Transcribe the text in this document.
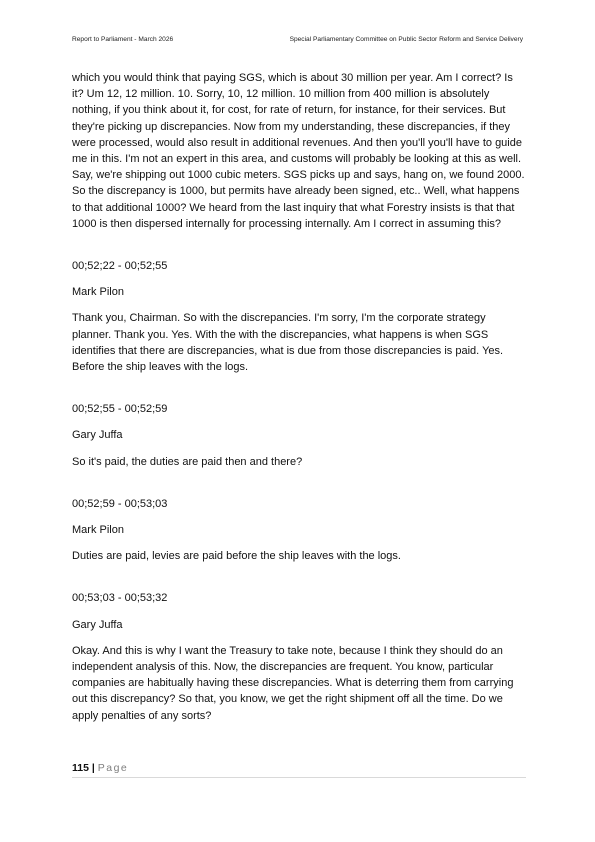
Report to Parliament - March 2026	Special Parliamentary Committee on Public Sector Reform and Service Delivery

which you would think that paying SGS, which is about 30 million per year. Am I correct? Is it? Um 12, 12 million. 10. Sorry, 10, 12 million. 10 million from 400 million is absolutely nothing, if you think about it, for cost, for rate of return, for instance, for their services. But they're picking up discrepancies. Now from my understanding, these discrepancies, if they were processed, would also result in additional revenues. And then you'll you'll have to guide me in this. I'm not an expert in this area, and customs will probably be looking at this as well. Say, we're shipping out 1000 cubic meters. SGS picks up and says, hang on, we found 2000. So the discrepancy is 1000, but permits have already been signed, etc.. Well, what happens to that additional 1000? We heard from the last inquiry that what Forestry insists is that that 1000 is then dispersed internally for processing internally. Am I correct in assuming this?

00;52;22 - 00;52;55

Mark Pilon

Thank you, Chairman. So with the discrepancies. I'm sorry, I'm the corporate strategy planner. Thank you. Yes. With the with the discrepancies, what happens is when SGS identifies that there are discrepancies, what is due from those discrepancies is paid. Yes. Before the ship leaves with the logs.

00;52;55 - 00;52;59

Gary Juffa

So it's paid, the duties are paid then and there?

00;52;59 - 00;53;03

Mark Pilon

Duties are paid, levies are paid before the ship leaves with the logs.

00;53;03 - 00;53;32

Gary Juffa

Okay. And this is why I want the Treasury to take note, because I think they should do an independent analysis of this. Now, the discrepancies are frequent. You know, particular companies are habitually having these discrepancies. What is deterring them from carrying out this discrepancy? So that, you know, we get the right shipment off all the time. Do we apply penalties of any sorts?

115 | Page
